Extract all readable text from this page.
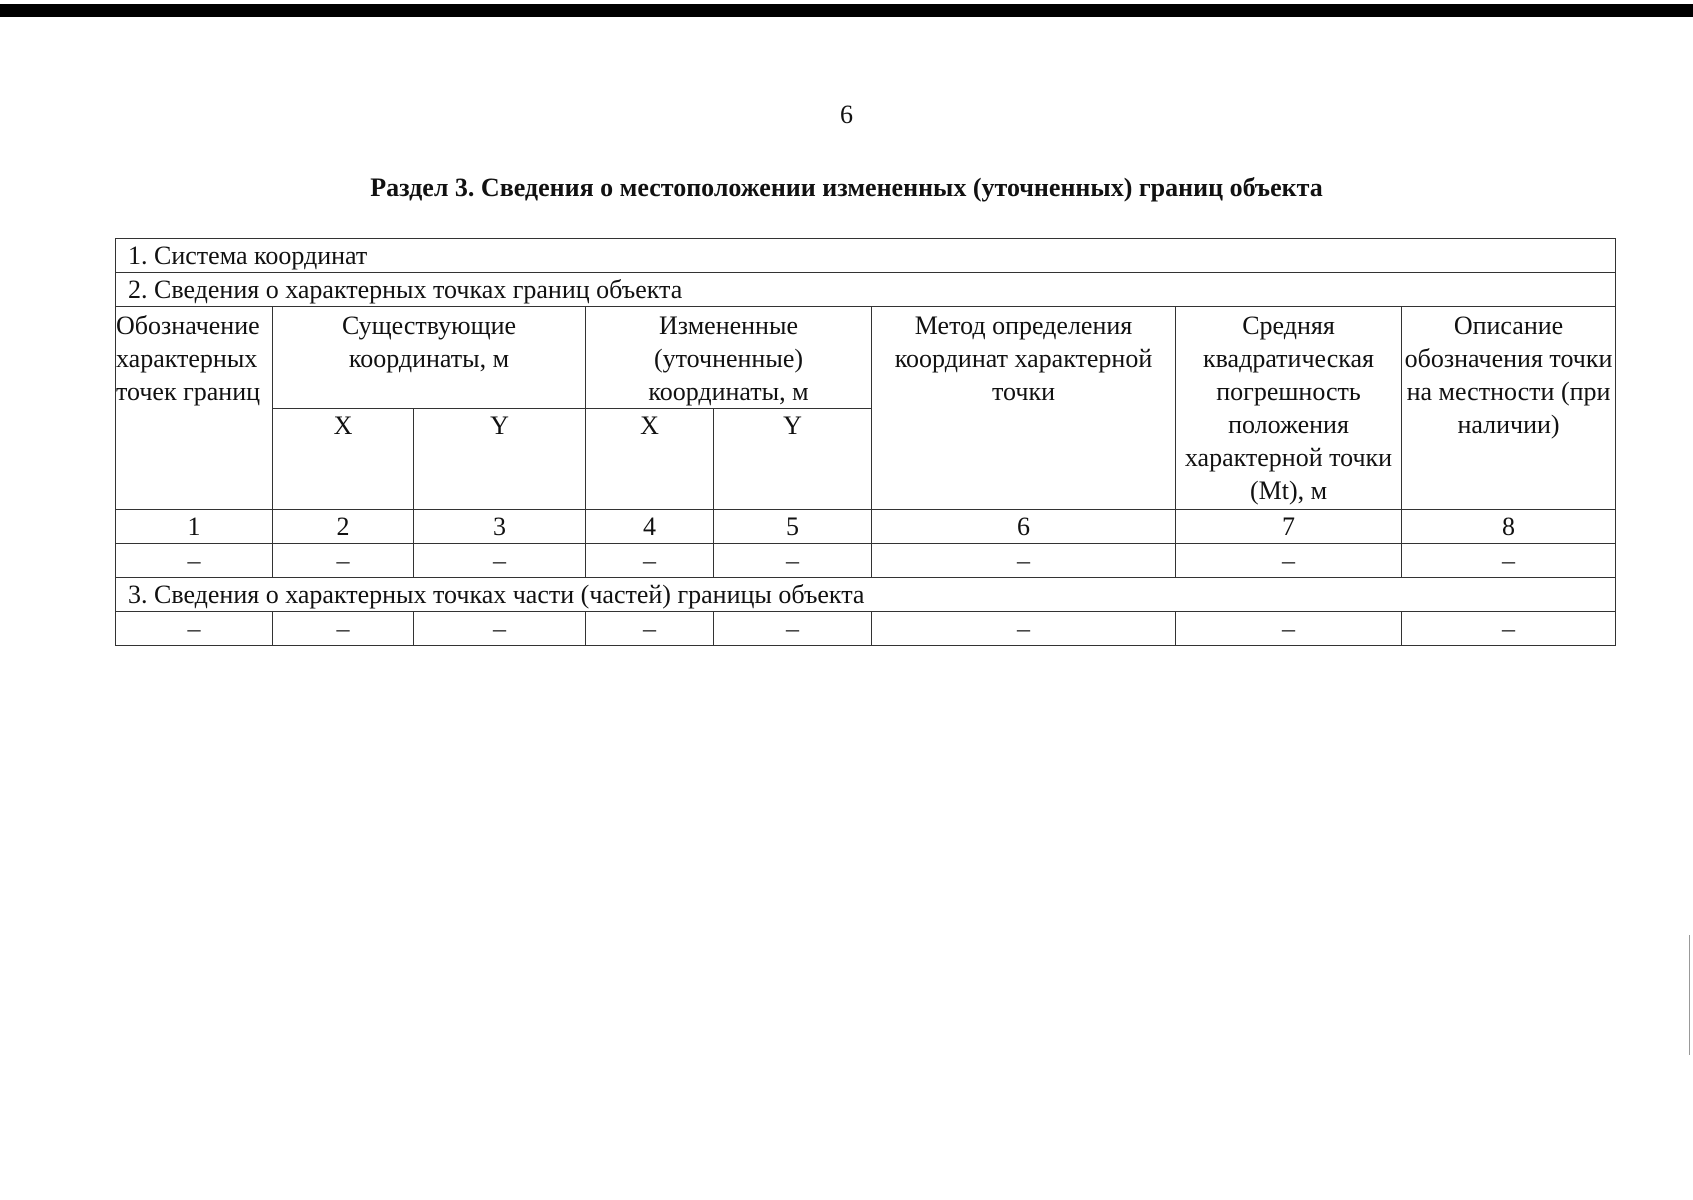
6
Раздел 3. Сведения о местоположении измененных (уточненных) границ объекта
1. Система координат							
2. Сведения о характерных точках границ объекта							
Обозначение характерных точек границ	Существующие координаты, м		Измененные (уточненные) координаты, м		Метод определения координат характерной точки	Средняя квадратическая погрешность положения характерной точки (Mt), м	Описание обозначения точки на местности (при наличии)
	X	Y	X	Y			
1	2	3	4	5	6	7	8
–	–	–	–	–	–	–	–
3. Сведения о характерных точках части (частей) границы объекта							
–	–	–	–	–	–	–	–
